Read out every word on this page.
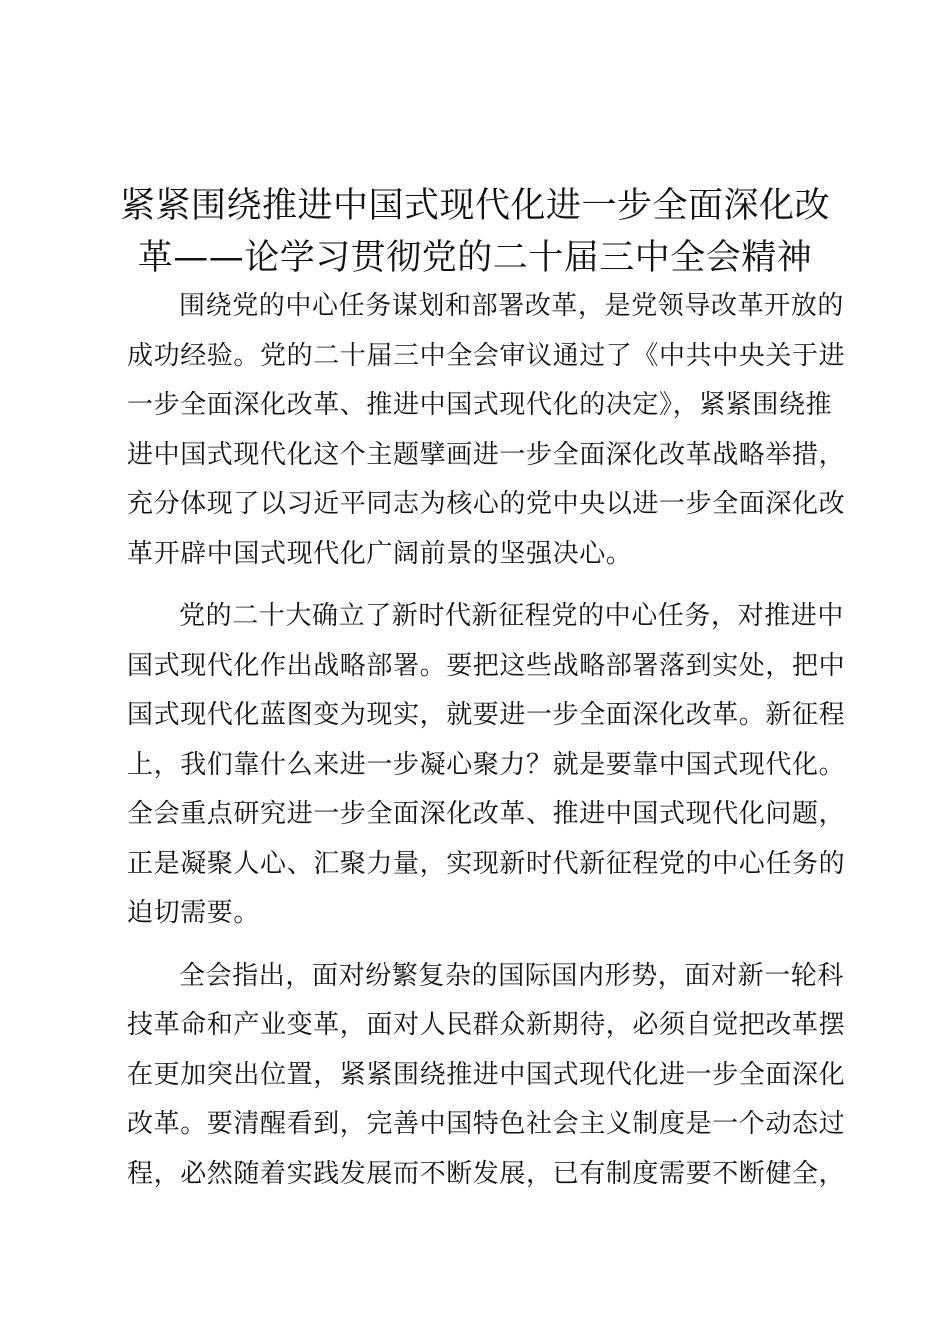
紧紧围绕推进中国式现代化进一步全面深化改
革——论学习贯彻党的二十届三中全会精神

围绕党的中心任务谋划和部署改革，是党领导改革开放的
成功经验。党的二十届三中全会审议通过了《中共中央关于进
一步全面深化改革、推进中国式现代化的决定》，紧紧围绕推
进中国式现代化这个主题擘画进一步全面深化改革战略举措，
充分体现了以习近平同志为核心的党中央以进一步全面深化改
革开辟中国式现代化广阔前景的坚强决心。

党的二十大确立了新时代新征程党的中心任务，对推进中
国式现代化作出战略部署。要把这些战略部署落到实处，把中
国式现代化蓝图变为现实，就要进一步全面深化改革。新征程
上，我们靠什么来进一步凝心聚力？就是要靠中国式现代化。
全会重点研究进一步全面深化改革、推进中国式现代化问题，
正是凝聚人心、汇聚力量，实现新时代新征程党的中心任务的
迫切需要。

全会指出，面对纷繁复杂的国际国内形势，面对新一轮科
技革命和产业变革，面对人民群众新期待，必须自觉把改革摆
在更加突出位置，紧紧围绕推进中国式现代化进一步全面深化
改革。要清醒看到，完善中国特色社会主义制度是一个动态过
程，必然随着实践发展而不断发展，已有制度需要不断健全，
